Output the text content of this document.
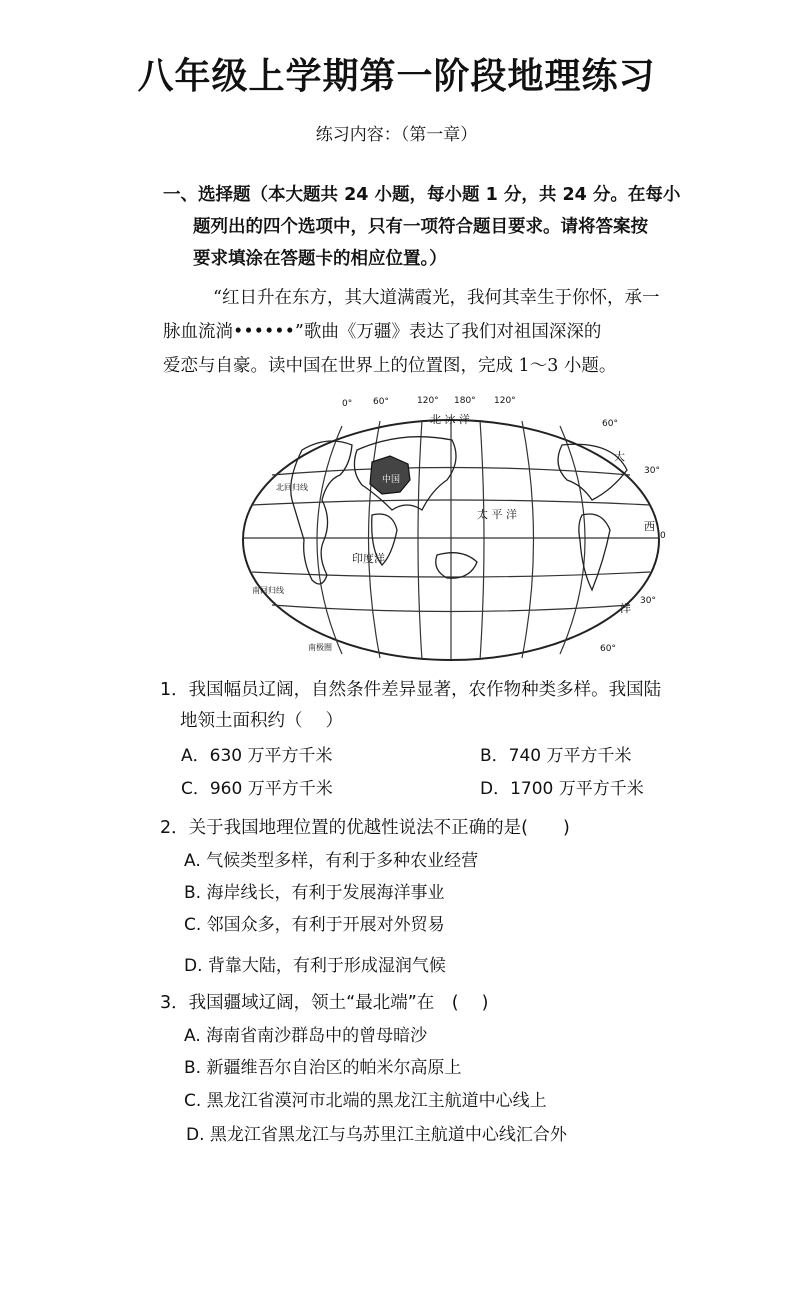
八年级上学期第一阶段地理练习
练习内容：（第一章）
一、选择题（本大题共 24 小题，每小题 1 分，共 24 分。在每小
题列出的四个选项中，只有一项符合题目要求。请将答案按
要求填涂在答题卡的相应位置。）
“红日升在东方，其大道满霞光，我何其幸生于你怀，承一
脉血流淌••••••”歌曲《万疆》表达了我们对祖国深深的
爱恋与自豪。读中国在世界上的位置图，完成 1～3 小题。
0° 60°	120° 180° 120°
60°
30°
0
30°
60°
北 冰 洋
中国
太 平 洋
印度洋
北回归线
南回归线
南极圈
大
西
洋
1．我国幅员辽阔，自然条件差异显著，农作物种类多样。我国陆
地领土面积约（　 ）
A．630 万平方千米	B．740 万平方千米
C．960 万平方千米	D．1700 万平方千米
2．关于我国地理位置的优越性说法不正确的是(　　)
A. 气候类型多样，有利于多种农业经营
B. 海岸线长，有利于发展海洋事业
C. 邻国众多，有利于开展对外贸易
D. 背靠大陆，有利于形成湿润气候
3．我国疆域辽阔，领土“最北端”在　(　 )
A. 海南省南沙群岛中的曾母暗沙
B. 新疆维吾尔自治区的帕米尔高原上
C. 黑龙江省漠河市北端的黑龙江主航道中心线上
D. 黑龙江省黑龙江与乌苏里江主航道中心线汇合外
